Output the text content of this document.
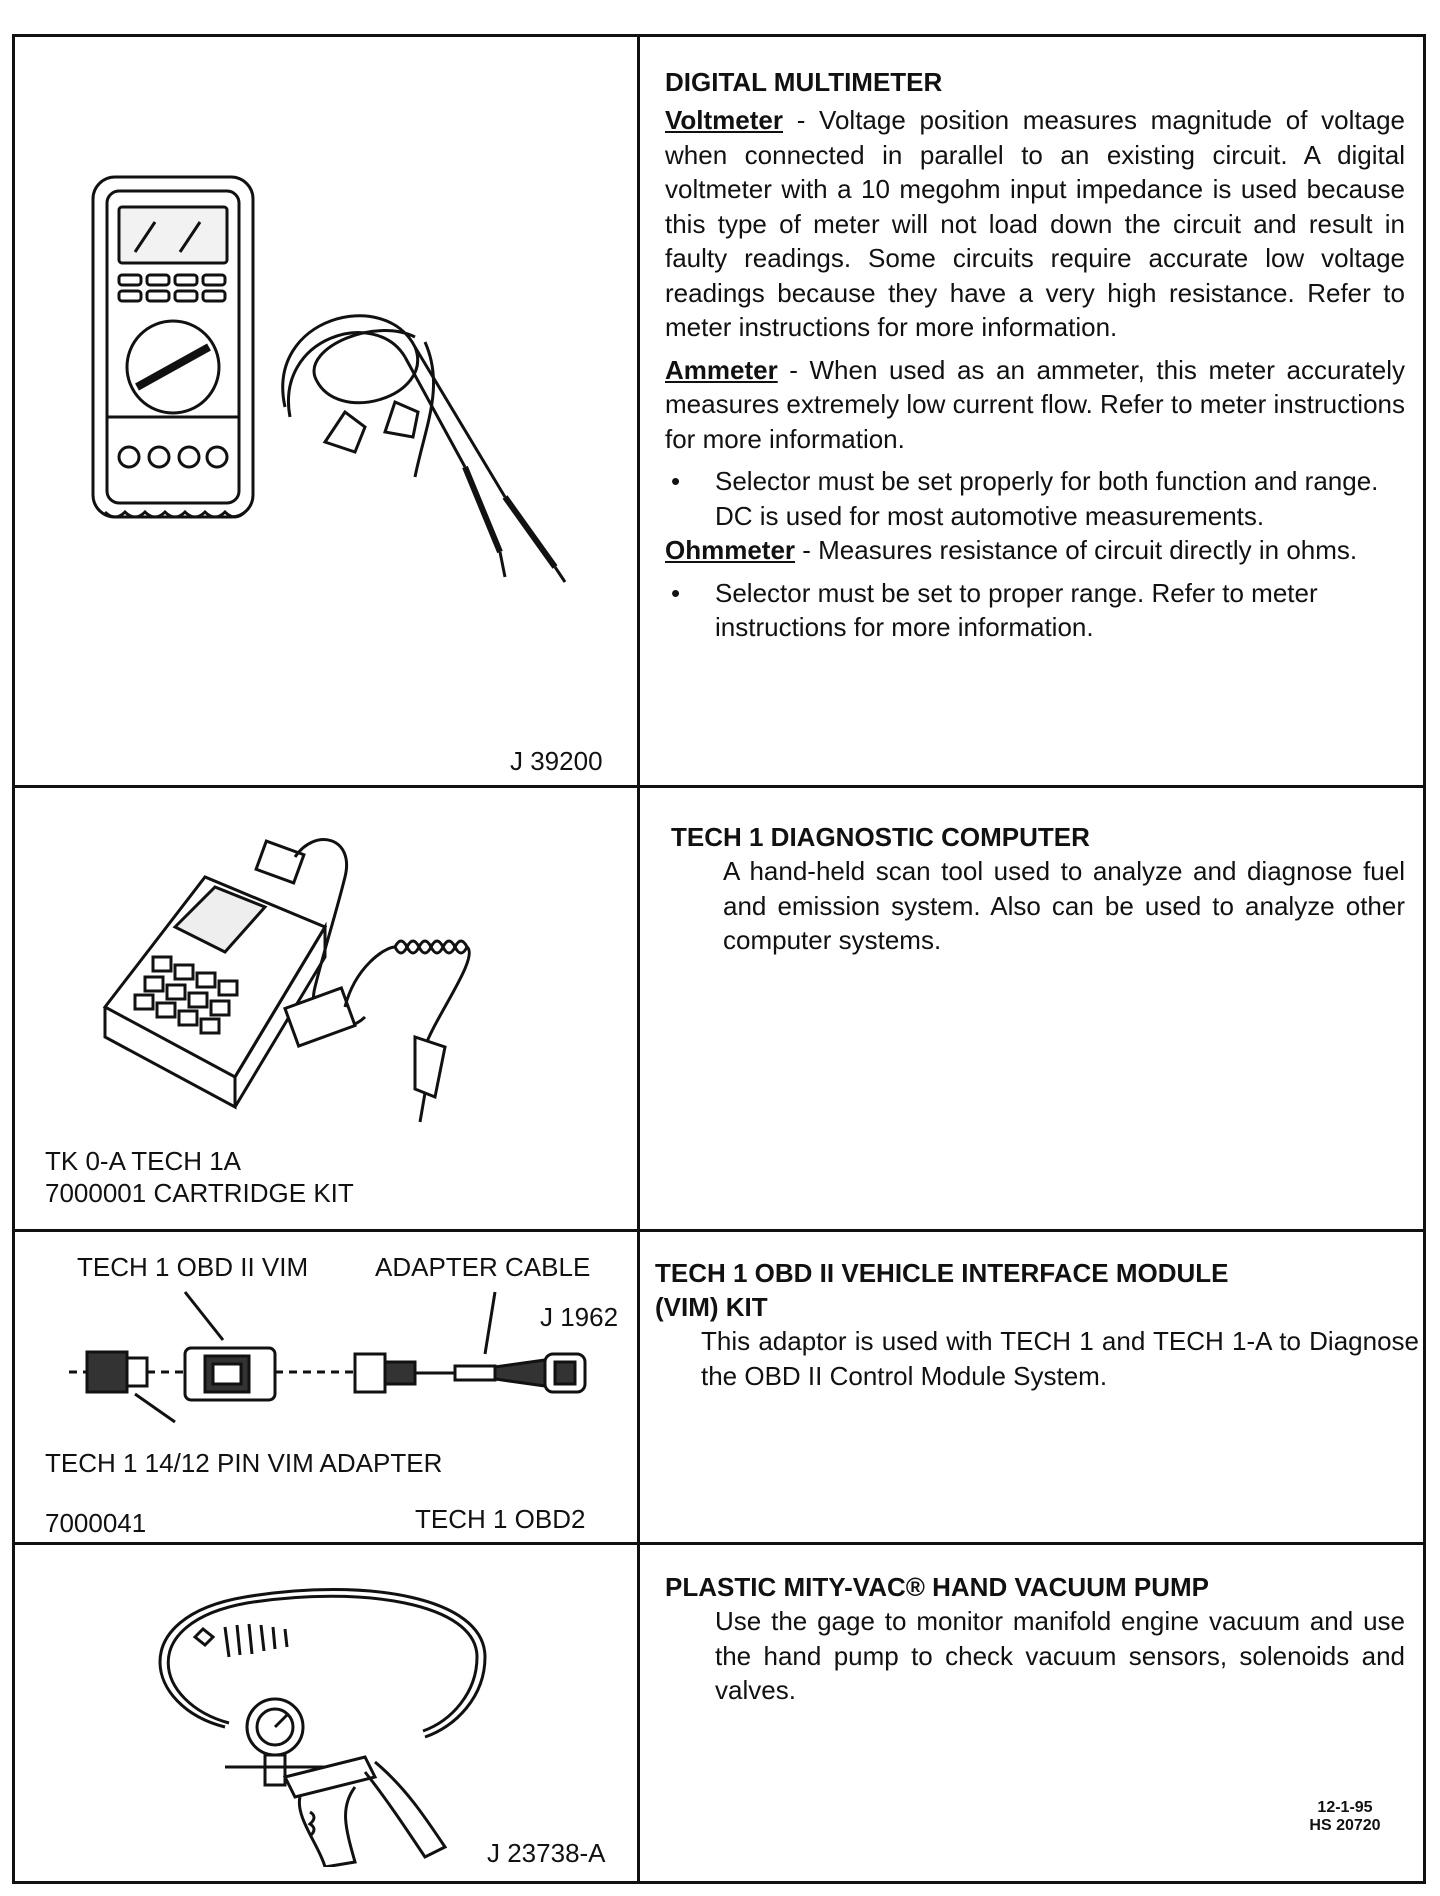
J 39200
DIGITAL MULTIMETER

Voltmeter - Voltage position measures magnitude of voltage when connected in parallel to an existing circuit. A digital voltmeter with a 10 megohm input impedance is used because this type of meter will not load down the circuit and result in faulty readings. Some circuits require accurate low voltage readings because they have a very high resistance. Refer to meter instructions for more information.

Ammeter - When used as an ammeter, this meter accurately measures extremely low current flow. Refer to meter instructions for more information.

• Selector must be set properly for both function and range. DC is used for most automotive measurements.

Ohmmeter - Measures resistance of circuit directly in ohms.

• Selector must be set to proper range. Refer to meter instructions for more information.
TK 0-A TECH 1A
7000001 CARTRIDGE KIT
TECH 1 DIAGNOSTIC COMPUTER
A hand-held scan tool used to analyze and diagnose fuel and emission system. Also can be used to analyze other computer systems.
TECH 1 OBD II VIM	ADAPTER CABLE
J 1962
TECH 1 14/12 PIN VIM ADAPTER
7000041	TECH 1 OBD2
TECH 1 OBD II VEHICLE INTERFACE MODULE
(VIM) KIT
This adaptor is used with TECH 1 and TECH 1-A to Diagnose the OBD II Control Module System.
J 23738-A
PLASTIC MITY-VAC® HAND VACUUM PUMP
Use the gage to monitor manifold engine vacuum and use the hand pump to check vacuum sensors, solenoids and valves.
12-1-95
HS 20720
